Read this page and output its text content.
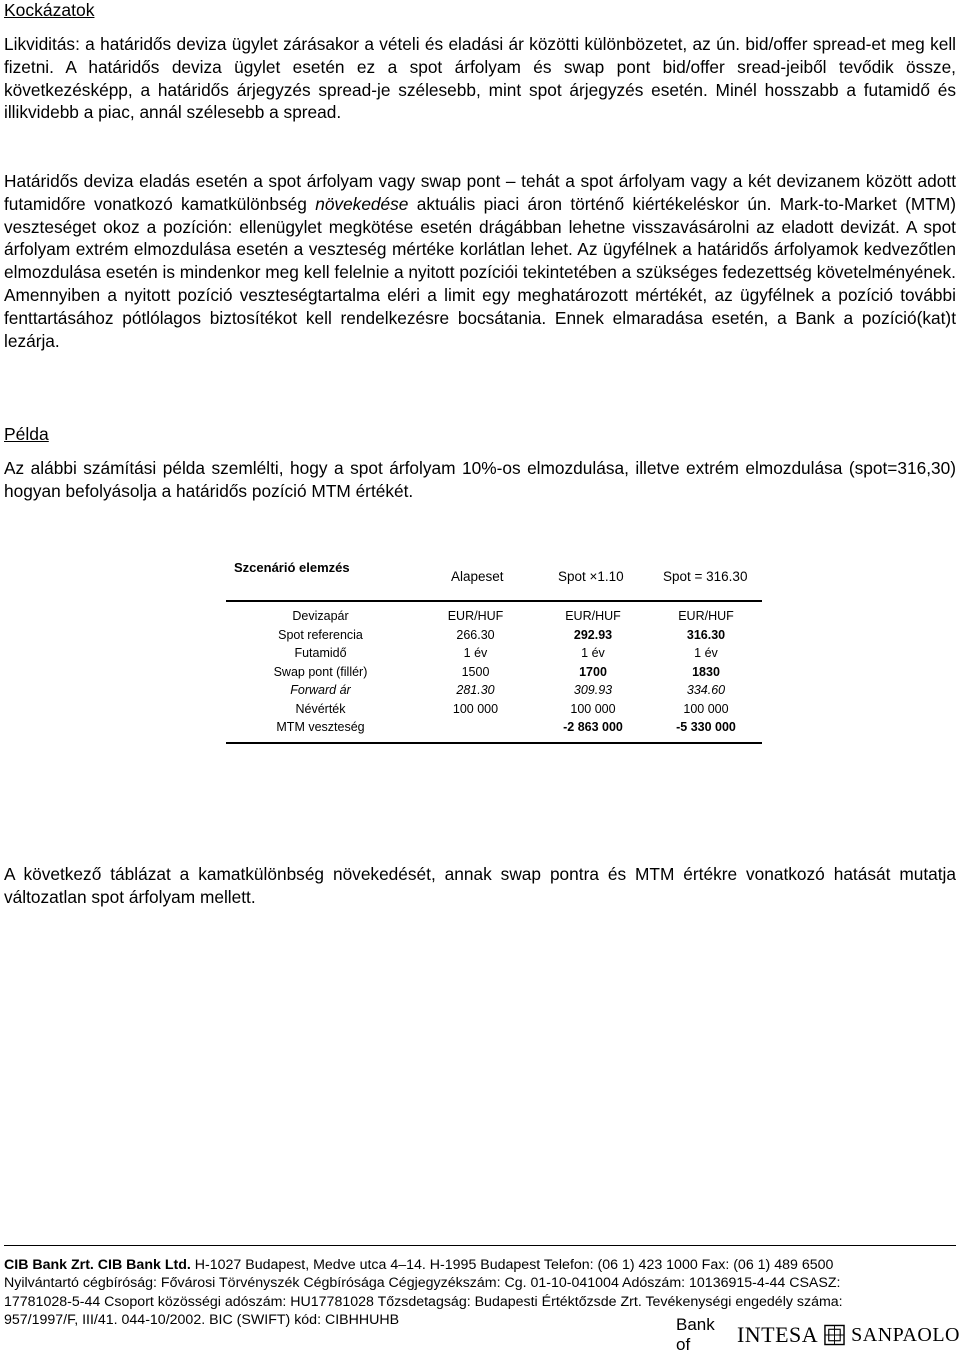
Kockázatok
Likviditás: a határidős deviza ügylet zárásakor a vételi és eladási ár közötti különbözetet, az ún. bid/offer spread-et meg kell fizetni. A határidős deviza ügylet esetén ez a spot árfolyam és swap pont bid/offer sread-jeiből tevődik össze, következésképp, a határidős árjegyzés spread-je szélesebb, mint spot árjegyzés esetén. Minél hosszabb a futamidő és illikvidebb a piac, annál szélesebb a spread.
Határidős deviza eladás esetén a spot árfolyam vagy swap pont – tehát a spot árfolyam vagy a két devizanem között adott futamidőre vonatkozó kamatkülönbség növekedése aktuális piaci áron történő kiértékeléskor ún. Mark-to-Market (MTM) veszteséget okoz a pozíción: ellenügylet megkötése esetén drágábban lehetne visszavásárolni az eladott devizát. A spot árfolyam extrém elmozdulása esetén a veszteség mértéke korlátlan lehet. Az ügyfélnek a határidős árfolyamok kedvezőtlen elmozdulása esetén is mindenkor meg kell felelnie a nyitott pozíciói tekintetében a szükséges fedezettség követelményének. Amennyiben a nyitott pozíció veszteségtartalma eléri a limit egy meghatározott mértékét, az ügyfélnek a pozíció további fenttartásához pótlólagos biztosítékot kell rendelkezésre bocsátania. Ennek elmaradása esetén, a Bank a pozíció(kat)t lezárja.
Példa
Az alábbi számítási példa szemlélti, hogy a spot árfolyam 10%-os elmozdulása, illetve extrém elmozdulása (spot=316,30) hogyan befolyásolja a határidős pozíció MTM értékét.
Szcenárió elemzés
Alapeset	Spot ×1.10	Spot = 316.30
Devizapár	EUR/HUF	EUR/HUF	EUR/HUF
Spot referencia	266.30	292.93	316.30
Futamidő	1 év	1 év	1 év
Swap pont (fillér)	1500	1700	1830
Forward ár	281.30	309.93	334.60
Névérték	100 000	100 000	100 000
MTM veszteség		-2 863 000	-5 330 000
A következő táblázat a kamatkülönbség növekedését, annak swap pontra és MTM értékre vonatkozó hatását mutatja változatlan spot árfolyam mellett.
CIB Bank Zrt. CIB Bank Ltd. H-1027 Budapest, Medve utca 4–14. H-1995 Budapest Telefon: (06 1) 423 1000 Fax: (06 1) 489 6500
Nyilvántartó cégbíróság: Fővárosi Törvényszék Cégbírósága Cégjegyzékszám: Cg. 01-10-041004 Adószám: 10136915-4-44 CSASZ:
17781028-5-44 Csoport közösségi adószám: HU17781028 Tőzsdetagság: Budapesti Értéktőzsde Zrt. Tevékenységi engedély száma:
957/1997/F, III/41. 044-10/2002. BIC (SWIFT) kód: CIBHHUHB	Bank of	INTESA SANPAOLO
